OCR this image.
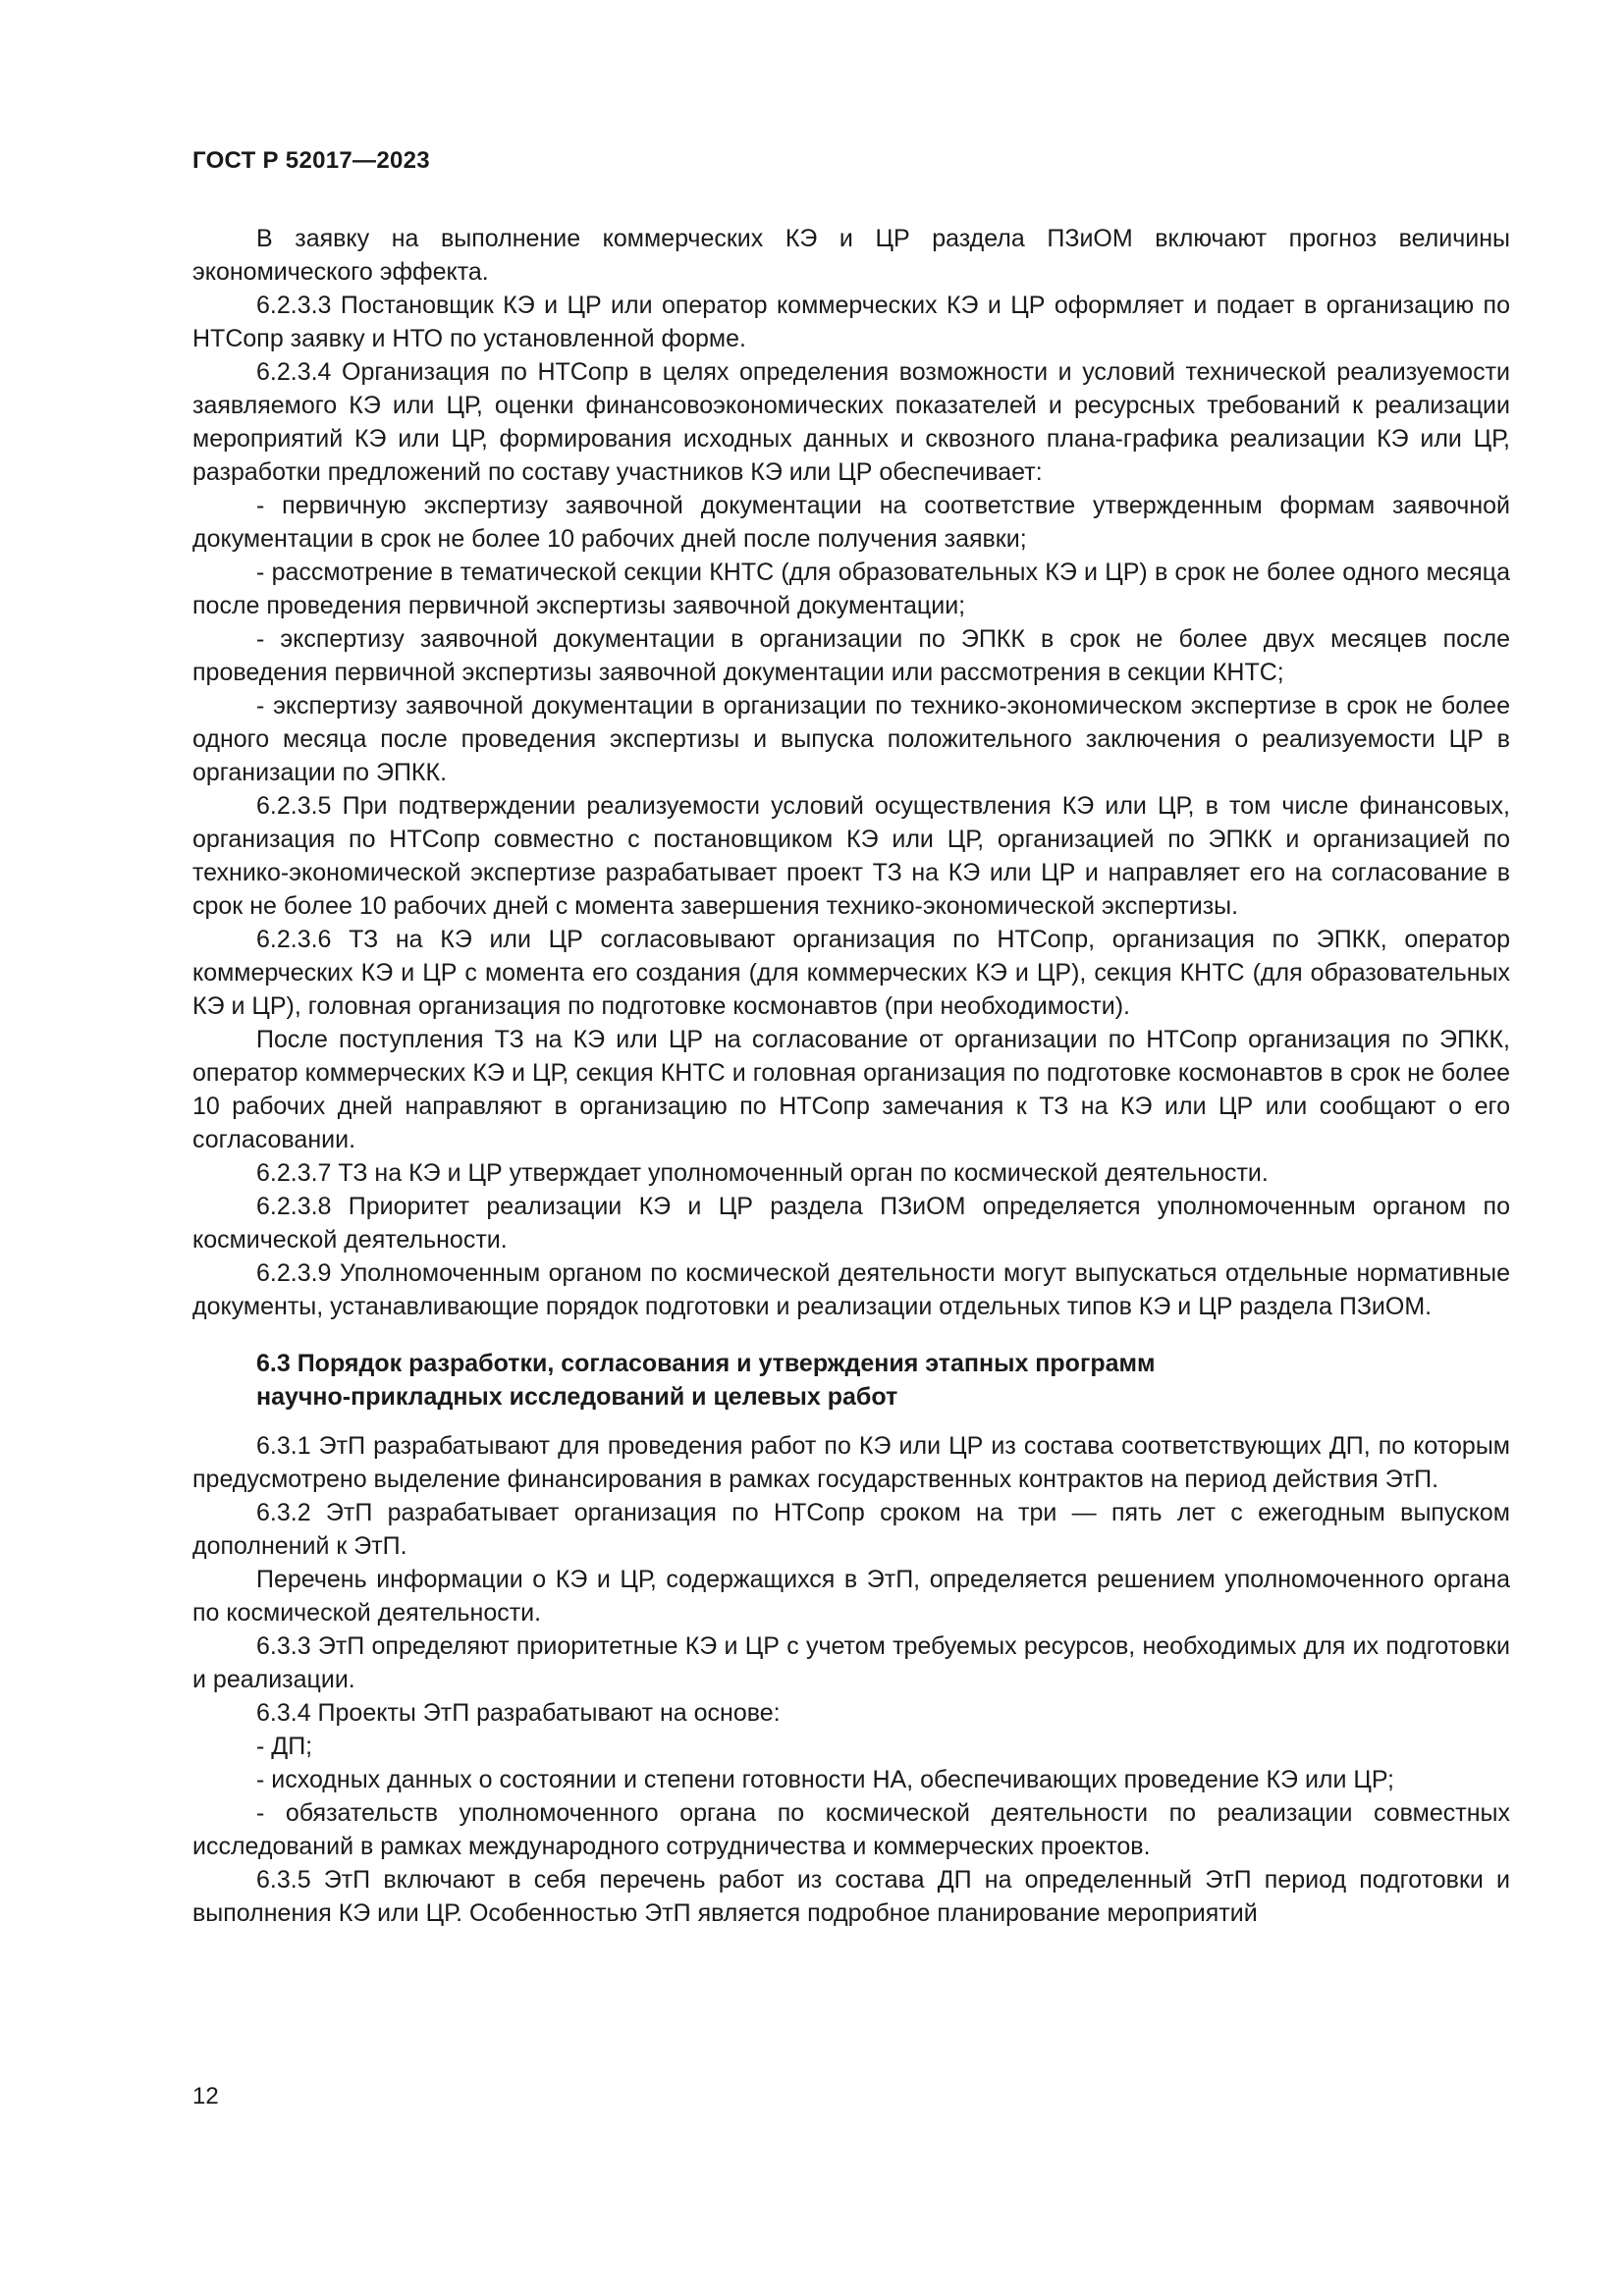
ГОСТ Р 52017—2023

В заявку на выполнение коммерческих КЭ и ЦР раздела ПЗиОМ включают прогноз величины экономического эффекта.

6.2.3.3 Постановщик КЭ и ЦР или оператор коммерческих КЭ и ЦР оформляет и подает в организацию по НТСопр заявку и НТО по установленной форме.

6.2.3.4 Организация по НТСопр в целях определения возможности и условий технической реализуемости заявляемого КЭ или ЦР, оценки финансовоэкономических показателей и ресурсных требований к реализации мероприятий КЭ или ЦР, формирования исходных данных и сквозного плана-графика реализации КЭ или ЦР, разработки предложений по составу участников КЭ или ЦР обеспечивает:

- первичную экспертизу заявочной документации на соответствие утвержденным формам заявочной документации в срок не более 10 рабочих дней после получения заявки;

- рассмотрение в тематической секции КНТС (для образовательных КЭ и ЦР) в срок не более одного месяца после проведения первичной экспертизы заявочной документации;

- экспертизу заявочной документации в организации по ЭПКК в срок не более двух месяцев после проведения первичной экспертизы заявочной документации или рассмотрения в секции КНТС;

- экспертизу заявочной документации в организации по технико-экономическом экспертизе в срок не более одного месяца после проведения экспертизы и выпуска положительного заключения о реализуемости ЦР в организации по ЭПКК.

6.2.3.5 При подтверждении реализуемости условий осуществления КЭ или ЦР, в том числе финансовых, организация по НТСопр совместно с постановщиком КЭ или ЦР, организацией по ЭПКК и организацией по технико-экономической экспертизе разрабатывает проект ТЗ на КЭ или ЦР и направляет его на согласование в срок не более 10 рабочих дней с момента завершения технико-экономической экспертизы.

6.2.3.6 ТЗ на КЭ или ЦР согласовывают организация по НТСопр, организация по ЭПКК, оператор коммерческих КЭ и ЦР с момента его создания (для коммерческих КЭ и ЦР), секция КНТС (для образовательных КЭ и ЦР), головная организация по подготовке космонавтов (при необходимости).

После поступления ТЗ на КЭ или ЦР на согласование от организации по НТСопр организация по ЭПКК, оператор коммерческих КЭ и ЦР, секция КНТС и головная организация по подготовке космонавтов в срок не более 10 рабочих дней направляют в организацию по НТСопр замечания к ТЗ на КЭ или ЦР или сообщают о его согласовании.

6.2.3.7 ТЗ на КЭ и ЦР утверждает уполномоченный орган по космической деятельности.

6.2.3.8 Приоритет реализации КЭ и ЦР раздела ПЗиОМ определяется уполномоченным органом по космической деятельности.

6.2.3.9 Уполномоченным органом по космической деятельности могут выпускаться отдельные нормативные документы, устанавливающие порядок подготовки и реализации отдельных типов КЭ и ЦР раздела ПЗиОМ.

6.3 Порядок разработки, согласования и утверждения этапных программ
научно-прикладных исследований и целевых работ

6.3.1 ЭтП разрабатывают для проведения работ по КЭ или ЦР из состава соответствующих ДП, по которым предусмотрено выделение финансирования в рамках государственных контрактов на период действия ЭтП.

6.3.2 ЭтП разрабатывает организация по НТСопр сроком на три — пять лет с ежегодным выпуском дополнений к ЭтП.

Перечень информации о КЭ и ЦР, содержащихся в ЭтП, определяется решением уполномоченного органа по космической деятельности.

6.3.3 ЭтП определяют приоритетные КЭ и ЦР с учетом требуемых ресурсов, необходимых для их подготовки и реализации.

6.3.4 Проекты ЭтП разрабатывают на основе:

- ДП;

- исходных данных о состоянии и степени готовности НА, обеспечивающих проведение КЭ или ЦР;

- обязательств уполномоченного органа по космической деятельности по реализации совместных исследований в рамках международного сотрудничества и коммерческих проектов.

6.3.5 ЭтП включают в себя перечень работ из состава ДП на определенный ЭтП период подготовки и выполнения КЭ или ЦР. Особенностью ЭтП является подробное планирование мероприятий

12
